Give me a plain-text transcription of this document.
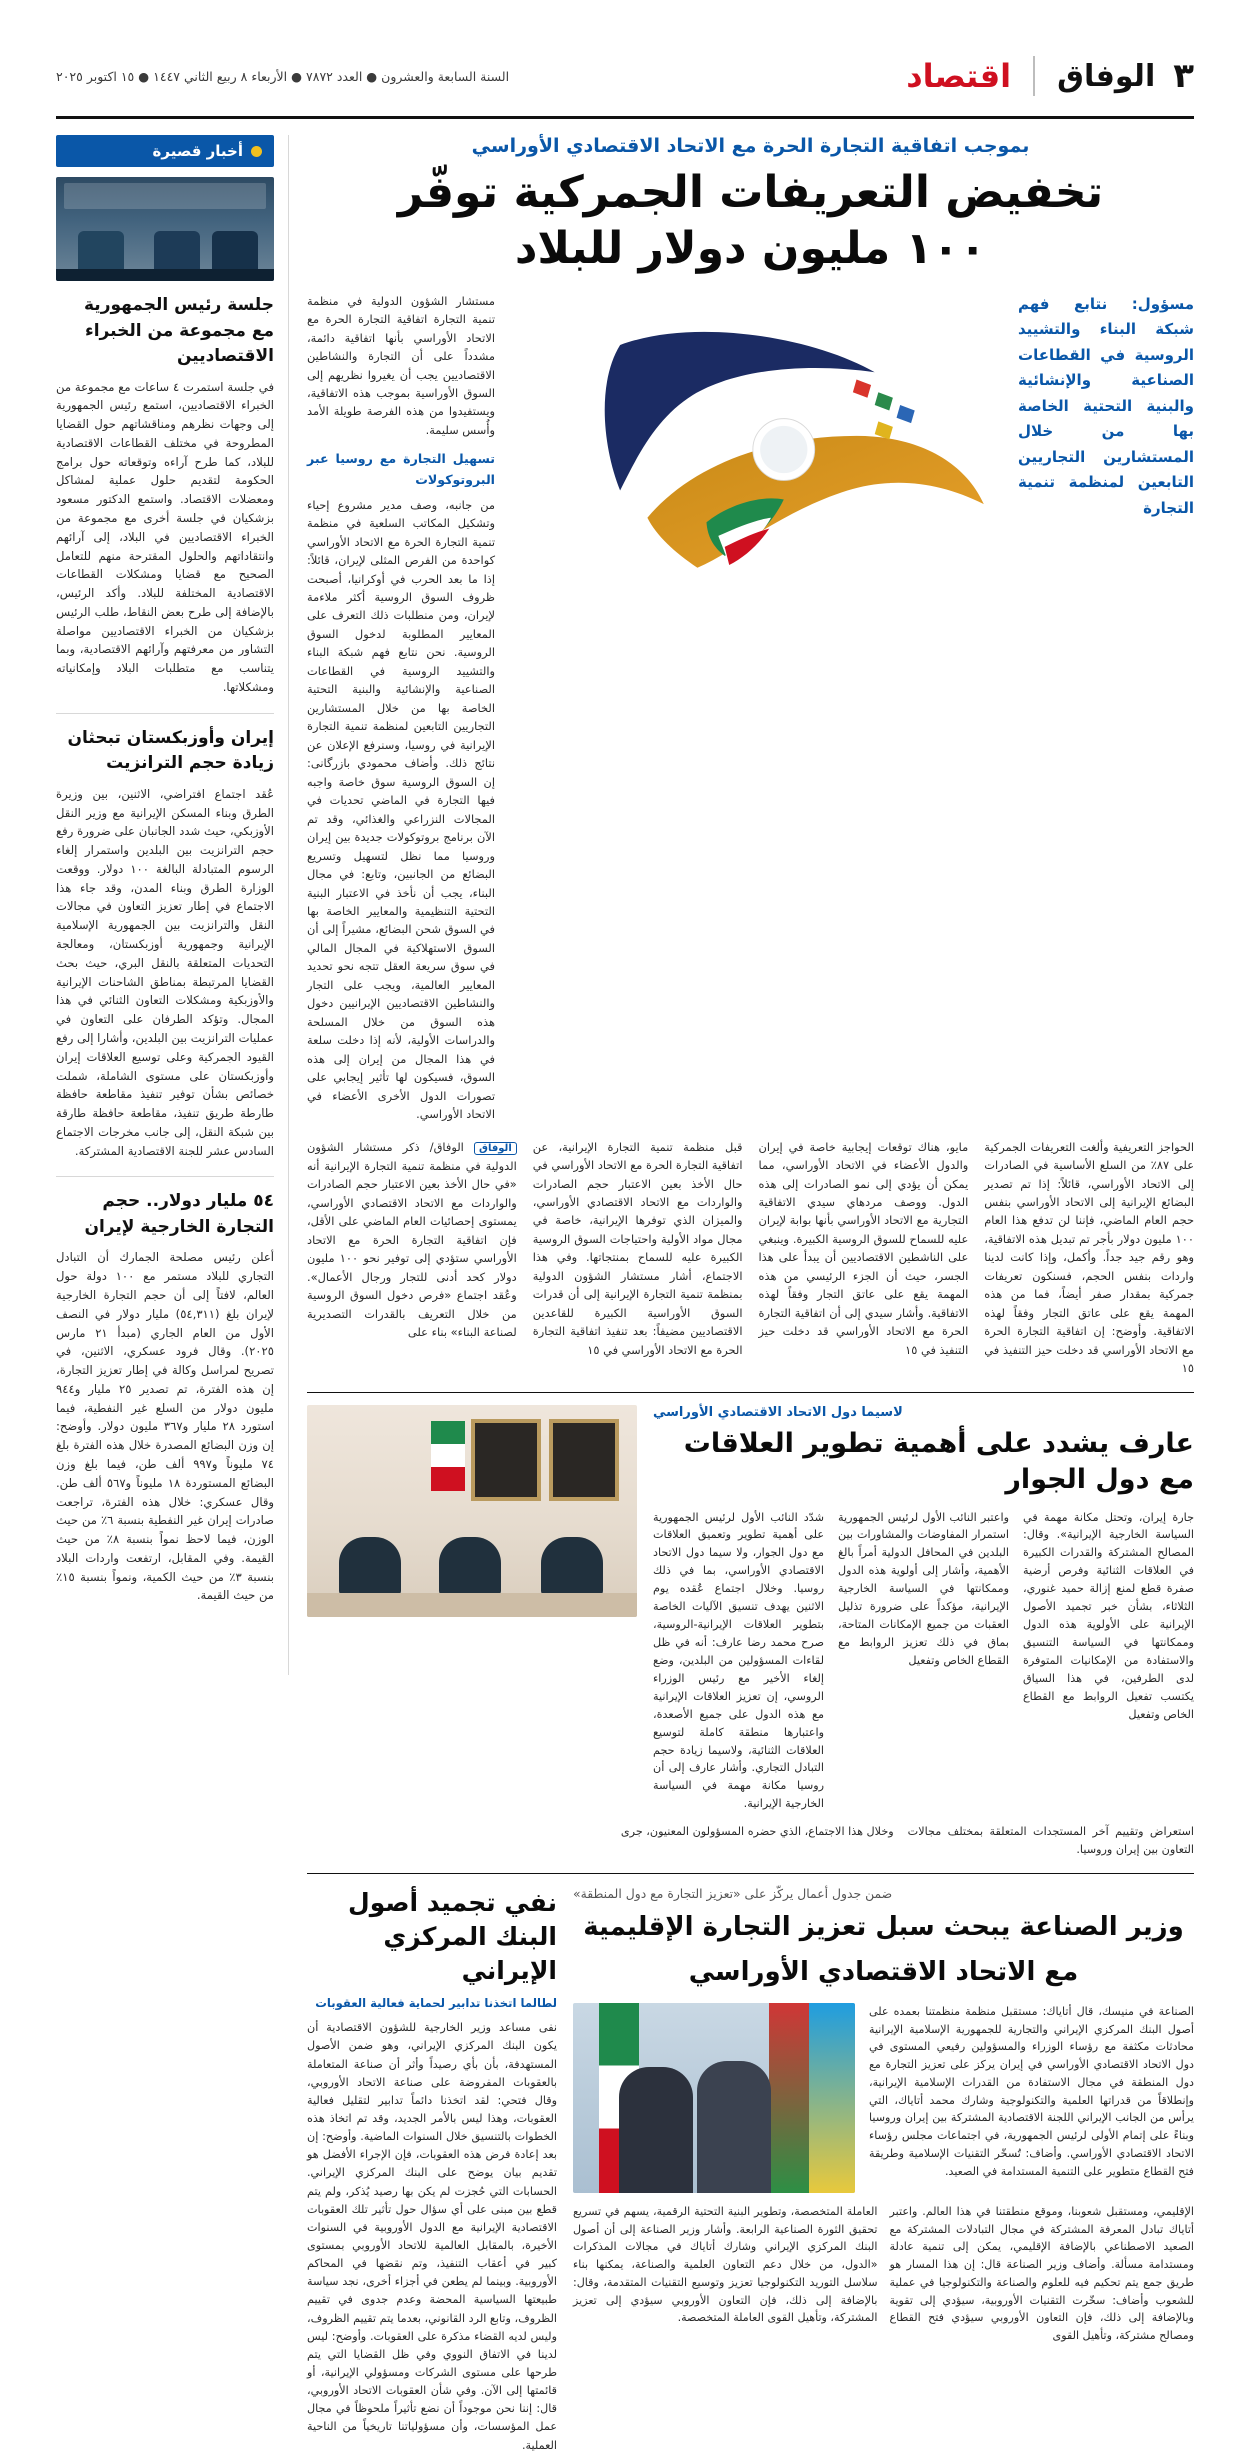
٣
الوفاق
اقتصاد
السنة السابعة والعشرون ● العدد ٧٨٧٢ ● الأربعاء ٨ ربيع الثاني ١٤٤٧ ● ١٥ اكتوبر ٢٠٢٥
بموجب اتفاقية التجارة الحرة مع الاتحاد الاقتصادي الأوراسي
تخفيض التعريفات الجمركية توفّر
١٠٠ مليون دولار للبلاد
مسؤول: نتابع فهم شبكة البناء والتشييد الروسية في القطاعات الصناعية والإنشائية والبنية التحتية الخاصة بها من خلال المستشارين التجاريين التابعين لمنظمة تنمية التجارة
مستشار الشؤون الدولية في منظمة تنمية التجارة اتفاقية التجارة الحرة مع الاتحاد الأوراسي بأنها اتفاقية دائمة، مشدداً على أن التجارة والنشاطين الاقتصاديين يجب أن يغيروا نظريهم إلى السوق الأوراسية بموجب هذه الاتفاقية، ويستفيدوا من هذه الفرصة طويلة الأمد وأُسس سليمة.
تسهيل التجارة مع روسيا عبر البروتوكولات
من جانبه، وصف مدير مشروع إحياء وتشكيل المكاتب السلعية في منظمة تنمية التجارة الحرة مع الاتحاد الأوراسي كواحدة من الفرص المثلى لإيران، قائلاً: إذا ما بعد الحرب في أوكرانيا، أصبحت ظروف السوق الروسية أكثر ملاءمة لإيران، ومن منطلبات ذلك التعرف على المعايير المطلوبة لدخول السوق الروسية. نحن نتابع فهم شبكة البناء والتشييد الروسية في القطاعات الصناعية والإنشائية والبنية التحتية الخاصة بها من خلال المستشارين التجاريين التابعين لمنظمة تنمية التجارة الإيرانية في روسيا، وسنرفع الإعلان عن نتائج ذلك. وأضاف محمودي بازرگانی: إن السوق الروسية سوق خاصة واجبه فيها التجارة في الماضي تحديات في المجالات النزراعي والغذائي، وقد تم الآن برنامج بروتوكولات جديدة بين إيران وروسيا مما نظل لتسهيل وتسريع البضائع من الجانبين، وتابع: في مجال البناء، يجب أن نأخذ في الاعتبار البنية التحتية التنظيمية والمعايير الخاصة بها في السوق شحن البضائع، مشيراً إلى أن السوق الاستهلاكية في المجال المالي في سوق سريعة العقل تتجه نحو تحديد المعايير العالمية، ويجب على التجار والنشاطين الاقتصاديين الإيرانيين دخول هذه السوق من خلال المسلحة والدراسات الأولية، لأنه إذا دخلت سلعة في هذا المجال من إيران إلى هذه السوق، فسيكون لها تأثير إيجابي على تصورات الدول الأخرى الأعضاء في الاتحاد الأوراسي.
الحواجز التعريفية وألغت التعريفات الجمركية على ٨٧٪ من السلع الأساسية في الصادرات إلى الاتحاد الأوراسي، قائلاً: إذا تم تصدير البضائع الإيرانية إلى الاتحاد الأوراسي بنفس حجم العام الماضي، فإننا لن تدفع هذا العام ١٠٠ مليون دولار بأجر تم تبديل هذه الاتفاقية، وهو رقم جيد جداً. وأكمل، وإذا كانت لدينا واردات بنفس الحجم، فسنكون تعريفات جمركية بمقدار صفر أيضاً، فما من هذه المهمة يقع على عاتق التجار وفقاً لهذه الاتفاقية. وأوضح: إن اتفاقية التجارة الحرة مع الاتحاد الأوراسي قد دخلت حيز التنفيذ في ١٥
مايو، هناك توقعات إيجابية خاصة في إيران والدول الأعضاء في الاتحاد الأوراسي، مما يمكن أن يؤدي إلى نمو الصادرات إلى هذه الدول. ووصف مردهاي سيدي الاتفاقية التجارية مع الاتحاد الأوراسي بأنها بوابة لإيران عليه للسماح للسوق الروسية الكبيرة. وينبغي على الناشطين الاقتصاديين أن يبدأ على هذا الجسر، حيث أن الجزء الرئيسي من هذه المهمة يقع على عاتق التجار وفقاً لهذه الاتفاقية. وأشار سيدي إلى أن اتفاقية التجارة الحرة مع الاتحاد الأوراسي قد دخلت حيز التنفيذ في ١٥
قبل منظمة تنمية التجارة الإيرانية، عن اتفاقية التجارة الحرة مع الاتحاد الأوراسي في حال الأخذ بعين الاعتبار حجم الصادرات والواردات مع الاتحاد الاقتصادي الأوراسي، والميزان الذي توفرها الإيرانية، خاصة في مجال مواد الأولية واحتياجات السوق الروسية الكبيرة عليه للسماح بمنتجاتها. وفي هذا الاجتماع، أشار مستشار الشؤون الدولية بمنظمة تنمية التجارة الإيرانية إلى أن قدرات السوق الأوراسية الكبيرة للقاعدين الاقتصاديين مضيفاً: بعد تنفيذ اتفاقية التجارة الحرة مع الاتحاد الأوراسي في ١٥
الوفاق الوفاق/ ذكر مستشار الشؤون الدولية في منظمة تنمية التجارة الإيرانية أنه «في حال الأخذ بعين الاعتبار حجم الصادرات والواردات مع الاتحاد الاقتصادي الأوراسي، يمستوى إحصائيات العام الماضي على الأقل، فإن اتفاقية التجارة الحرة مع الاتحاد الأوراسي ستؤدي إلى توفير نحو ١٠٠ مليون دولار كحد أدنى للتجار ورجال الأعمال». وعُقد اجتماع «فرص دخول السوق الروسية من خلال التعريف بالقدرات التصديرية لصناعة البناء» بناء على
لاسيما دول الاتحاد الاقتصادي الأوراسي
عارف يشدد على أهمية تطوير العلاقات مع دول الجوار
جارة إيران، وتحتل مكانة مهمة في السياسة الخارجية الإيرانية». وقال: المصالح المشتركة والقدرات الكبيرة في العلاقات الثنائية وفرص أرضية صفرة قطع لمنع إزالة حميد غنوري، الثلاثاء، بشأن خبر تجميد الأصول الإيرانية على الأولوية هذه الدول وممكانتها في السياسة التنسيق والاستفادة من الإمكانيات المتوفرة لدى الطرفين، في هذا السياق يكتسب تفعيل الروابط مع القطاع الخاص وتفعيل
واعتبر النائب الأول لرئيس الجمهورية استمرار المفاوضات والمشاورات بين البلدين في المحافل الدولية أمراً بالغ الأهمية، وأشار إلى أولوية هذه الدول وممكانتها في السياسة الخارجية الإيرانية، مؤكداً على ضرورة تذليل العقبات من جميع الإمكانات المتاحة، بماق في ذلك تعزيز الروابط مع القطاع الخاص وتفعيل
شدّد النائب الأول لرئيس الجمهورية على أهمية تطوير وتعميق العلاقات مع دول الجوار، ولا سيما دول الاتحاد الاقتصادي الأوراسي، بما في ذلك روسيا. وخلال اجتماع عُقده يوم الاثنين يهدف تنسيق الآليات الخاصة بتطوير العلاقات الإيرانية-الروسية، صرح محمد رضا عارف: أنه في ظل لقاءات المسؤولين من البلدين، وضع إلغاء الأخير مع رئيس الوزراء الروسي، إن تعزيز العلاقات الإيرانية مع هذه الدول على جميع الأصعدة، واعتبارها منطقة كاملة لتوسيع العلاقات الثنائية، ولاسيما زيادة حجم التبادل التجاري. وأشار عارف إلى أن روسيا مكانة مهمة في السياسة الخارجية الإيرانية.
استعراض وتقييم آخر المستجدات المتعلقة بمختلف مجالات التعاون بين إيران وروسيا.
وخلال هذا الاجتماع، الذي حضره المسؤولون المعنيون، جرى
ضمن جدول أعمال يركّز على «تعزيز التجارة مع دول المنطقة»
وزير الصناعة يبحث سبل تعزيز التجارة الإقليمية
مع الاتحاد الاقتصادي الأوراسي
الصناعة في منيسك، قال أتاياك: مستقبل منظمة منظمتنا بعمده على أصول البنك المركزي الإيراني والتجارية للجمهورية الإسلامية الإيرانية محادثات مكثفة مع رؤساء الوزراء والمسؤولين رفيعي المستوى في دول الاتحاد الاقتصادي الأوراسي في إيران يركز على تعزيز التجارة مع دول المنطقة في مجال الاستفادة من القدرات الإسلامية الإيرانية، وإنطلاقاً من قدراتها العلمية والتكنولوجية وشارك محمد أتاياك، التي يرأس من الجانب الإيراني اللجنة الاقتصادية المشتركة بين إيران وروسيا وبناءً على إتمام الأولى لرئيس الجمهورية، في اجتماعات مجلس رؤساء الاتحاد الاقتصادي الأوراسي. وأضاف: تُسخّر التقنيات الإسلامية وطريقة فتح القطاع متطوير على التنمية المستدامة في الصعيد.
الإقليمي، ومستقبل شعوبنا، وموقع منطقتنا في هذا العالم. واعتبر أتاياك تبادل المعرفة المشتركة في مجال التبادلات المشتركة مع الصعيد الاصطناعي بالإضافة الإقليمي، يمكن إلى تنمية عادلة ومستدامة مسألة. وأضاف وزير الصناعة قال: إن هذا المسار هو طريق جمع يتم تحكيم فيه للعلوم والصناعة والتكنولوجيا في عملية للشعوب وأضاف: سخّرت التقنيات الأوروبية، سيؤدي إلى تقوية وبالإضافة إلى ذلك، فإن التعاون الأوروبي سيؤدي فتح القطاع ومصالح مشتركة، وتأهيل القوى
العاملة المتخصصة، وتطوير البنية التحتية الرقمية، يسهم في تسريع تحقيق الثورة الصناعية الرابعة. وأشار وزير الصناعة إلى أن أصول البنك المركزي الإيراني وشارك أتاياك في مجالات المذكرات «الدول، من خلال دعم التعاون العلمية والصناعة، يمكنها بناء سلاسل التوريد التكنولوجيا تعزيز وتوسيع التقنيات المتقدمة، وقال: بالإضافة إلى ذلك، فإن التعاون الأوروبي سيؤدي إلى تعزيز المشتركة، وتأهيل القوى العاملة المتخصصة.
نفي تجميد أصول البنك المركزي الإيراني
لطالما اتخذنا تدابير لحماية فعالية العقوبات

نفى مساعد وزير الخارجية للشؤون الاقتصادية أن يكون البنك المركزي الإيراني، وهو ضمن الأصول المستهدفة، بأن بأي رصيداً وأثر أن صناعة المتعاملة بالعقوبات المفروضة على صناعة الاتحاد الأوروبي، وقال فتحي: لقد اتخذنا دائماً تدابير لتقليل فعالية العقوبات، وهذا ليس بالأمر الجديد، وقد تم اتخاذ هذه الخطوات بالتنسيق خلال السنوات الماضية. وأوضح: إن بعد إعادة فرض هذه العقوبات، فإن الإجراء الأفضل هو تقديم بيان يوضح على البنك المركزي الإيراني. الحسابات التي حُجزت لم يكن بها رصيد يُذكر، ولم يتم قطع بين مبنى على أي سؤال حول تأثير تلك العقوبات الاقتصادية الإيرانية مع الدول الأوروبية في السنوات الأخيرة، بالمقابل العالمية للاتحاد الأوروبي بمستوى كبير في أعقاب التنفيذ، وتم نقضها في المحاكم الأوروبية. وبينما لم يطعن في أجزاء أخرى، نجد سياسة طبيعتها السياسية المحضة وعدم جدوى في تقييم الظروف، وتابع الرد القانوني، بعدما يتم تقييم الظروف، وليس لديه القضاء مذكرة على العقوبات. وأوضح: ليس لدينا في الاتفاق النووي وفي ظل القضايا التي يتم طرحها على مستوى الشركات ومسؤولي الإيرانية، أو قائمتها إلى الآن. وفي شأن العقوبات الاتحاد الأوروبي، قال: إننا نحن موجوداً أن نضع تأثيراً ملحوظاً في مجال عمل المؤسسات، وأن مسؤولياتنا تاريخياً من الناحية العملية.

أخبار قصيرة
جلسة رئيس الجمهورية مع مجموعة من الخبراء الاقتصاديين
في جلسة استمرت ٤ ساعات مع مجموعة من الخبراء الاقتصاديين، استمع رئيس الجمهورية إلى وجهات نظرهم ومناقشاتهم حول القضايا المطروحة في مختلف القطاعات الاقتصادية للبلاد، كما طرح آراءه وتوقعاته حول برامج الحكومة لتقديم حلول عملية لمشاكل ومعضلات الاقتصاد. واستمع الدكتور مسعود بزشكيان في جلسة أخرى مع مجموعة من الخبراء الاقتصاديين في البلاد، إلى آرائهم وانتقاداتهم والحلول المقترحة منهم للتعامل الصحيح مع قضايا ومشكلات القطاعات الاقتصادية المختلفة للبلاد. وأكد الرئيس، بالإضافة إلى طرح بعض النقاط، طلب الرئيس بزشكيان من الخبراء الاقتصاديين مواصلة التشاور من معرفتهم وآرائهم الاقتصادية، وبما يتناسب مع متطلبات البلاد وإمكانياته ومشكلاتها.
إيران وأوزبكستان تبحثان زيادة حجم الترانزيت
عُقد اجتماع افتراضي، الاثنين، بين وزيرة الطرق وبناء المسكن الإيرانية مع وزير النقل الأوزبكي، حيث شدد الجانبان على ضرورة رفع حجم الترانزيت بين البلدين واستمرار إلغاء الرسوم المتبادلة البالغة ١٠٠ دولار. ووقعت الوزارة الطرق وبناء المدن، وقد جاء هذا الاجتماع في إطار تعزيز التعاون في مجالات النقل والترانزيت بين الجمهورية الإسلامية الإيرانية وجمهورية أوزبكستان، ومعالجة التحديات المتعلقة بالنقل البري، حيث بحث القضايا المرتبطة بمناطق الشاحنات الإيرانية والأوزبكية ومشكلات التعاون الثنائي في هذا المجال. وتؤكد الطرفان على التعاون في عمليات الترانزيت بين البلدين، وأشارا إلى رفع القيود الجمركية وعلى توسيع العلاقات إيران وأوزبكستان على مستوى الشاملة، شملت خصائص بشأن توفير تنفيذ مقاطعة حافظة طارطة طريق تنفيذ، مقاطعة حافظة طارقة بين شبكة النقل، إلى جانب مخرجات الاجتماع السادس عشر للجنة الاقتصادية المشتركة.
٥٤ مليار دولار.. حجم التجارة الخارجية لإيران
أعلن رئيس مصلحة الجمارك أن التبادل التجاري للبلاد مستمر مع ١٠٠ دولة حول العالم، لافتاً إلى أن حجم التجارة الخارجية لإيران بلغ (٥٤,٣١١) مليار دولار في النصف الأول من العام الجاري (مبدأ ٢١ مارس ٢٠٢٥). وقال فرود عسكري، الاثنين، في تصريح لمراسل وكالة في إطار تعزيز التجارة، إن هذه الفترة، تم تصدير ٢٥ مليار و٩٤٤ مليون دولار من السلع غير النفطية، فيما استورد ٢٨ مليار و٣٦٧ مليون دولار. وأوضح: إن وزن البضائع المصدرة خلال هذه الفترة بلغ ٧٤ مليوناً و٩٩٧ ألف طن، فيما بلغ وزن البضائع المستوردة ١٨ مليوناً و٥٦٧ ألف طن. وقال عسكري: خلال هذه الفترة، تراجعت صادرات إيران غير النفطية بنسبة ٦٪ من حيث الوزن، فيما لاحظ نمواً بنسبة ٨٪ من حيث القيمة. وفي المقابل، ارتفعت واردات البلاد بنسبة ٣٪ من حيث الكمية، ونمواً بنسبة ١٥٪ من حيث القيمة.
